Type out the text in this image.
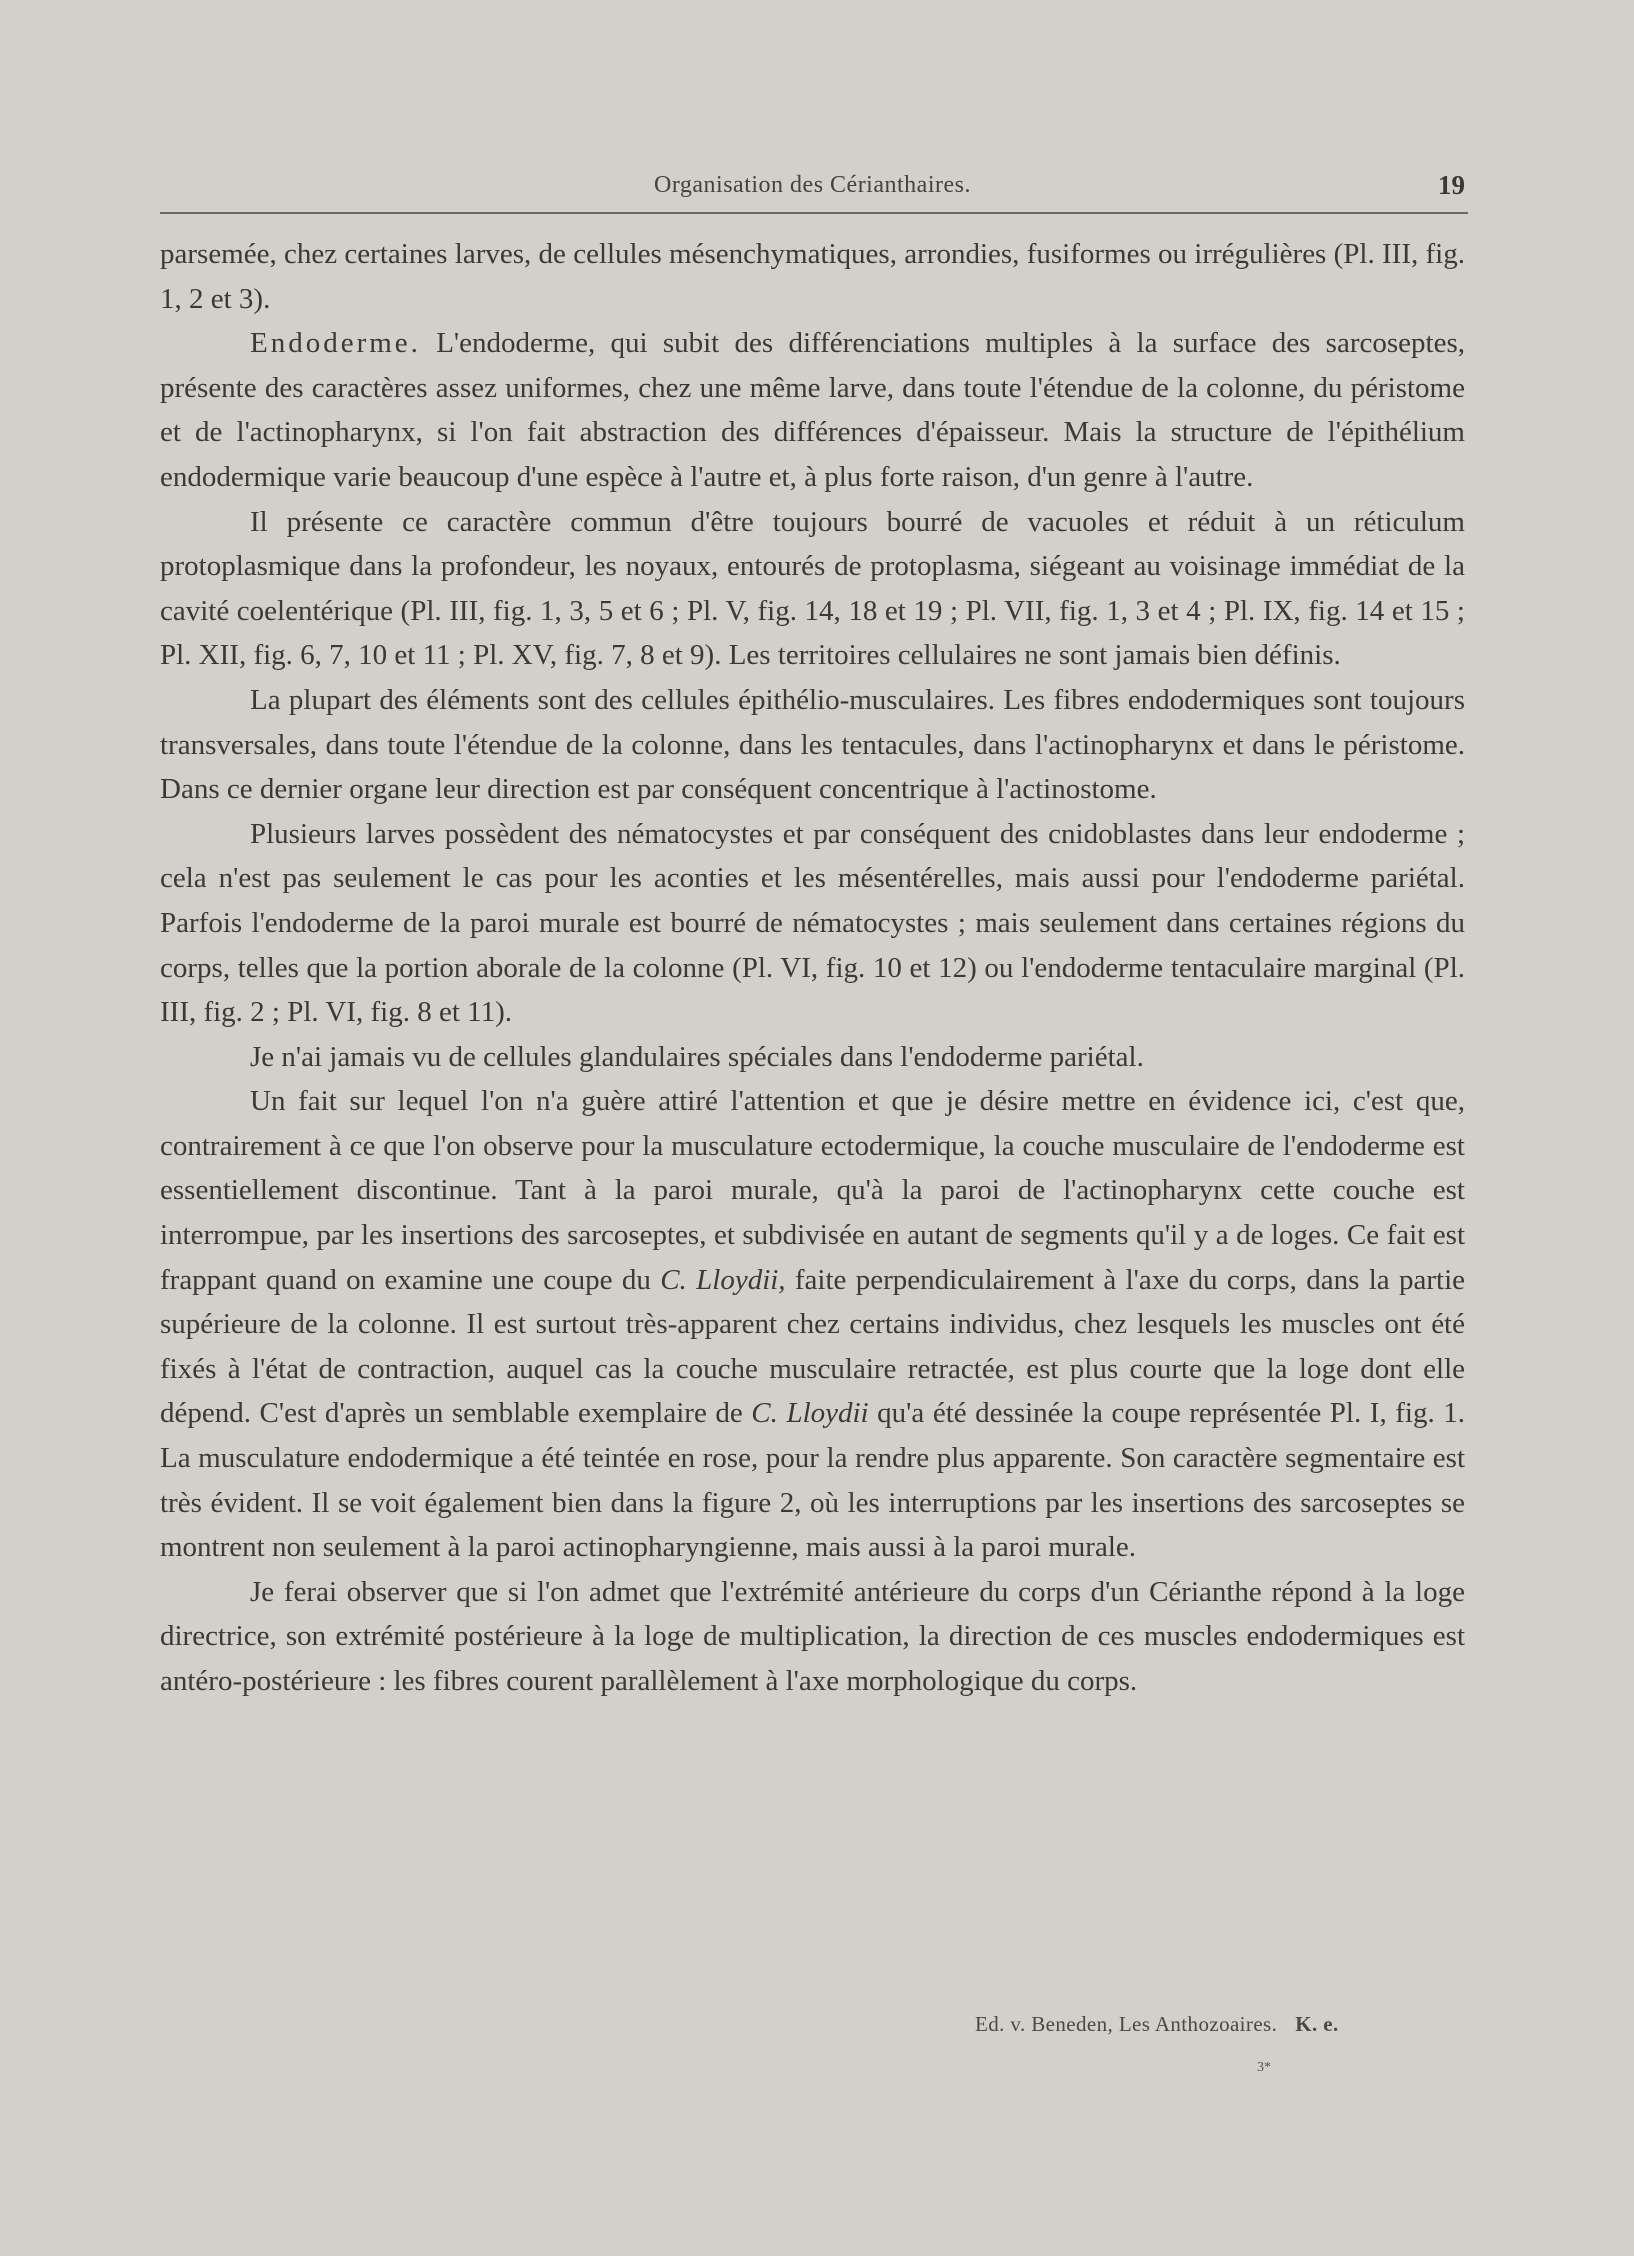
Organisation des Cérianthaires.	19

parsemée, chez certaines larves, de cellules mésenchymatiques, arrondies, fusiformes ou irrégulières (Pl. III, fig. 1, 2 et 3).

Endoderme. L'endoderme, qui subit des différenciations multiples à la surface des sarcoseptes, présente des caractères assez uniformes, chez une même larve, dans toute l'étendue de la colonne, du péristome et de l'actinopharynx, si l'on fait abstraction des différences d'épaisseur. Mais la structure de l'épithélium endodermique varie beaucoup d'une espèce à l'autre et, à plus forte raison, d'un genre à l'autre.

Il présente ce caractère commun d'être toujours bourré de vacuoles et réduit à un réticulum protoplasmique dans la profondeur, les noyaux, entourés de protoplasma, siégeant au voisinage immédiat de la cavité coelentérique (Pl. III, fig. 1, 3, 5 et 6 ; Pl. V, fig. 14, 18 et 19 ; Pl. VII, fig. 1, 3 et 4 ; Pl. IX, fig. 14 et 15 ; Pl. XII, fig. 6, 7, 10 et 11 ; Pl. XV, fig. 7, 8 et 9). Les territoires cellulaires ne sont jamais bien définis.

La plupart des éléments sont des cellules épithélio-musculaires. Les fibres endodermiques sont toujours transversales, dans toute l'étendue de la colonne, dans les tentacules, dans l'actinopharynx et dans le péristome. Dans ce dernier organe leur direction est par conséquent concentrique à l'actinostome.

Plusieurs larves possèdent des nématocystes et par conséquent des cnidoblastes dans leur endoderme ; cela n'est pas seulement le cas pour les aconties et les mésentérelles, mais aussi pour l'endoderme pariétal. Parfois l'endoderme de la paroi murale est bourré de nématocystes ; mais seulement dans certaines régions du corps, telles que la portion aborale de la colonne (Pl. VI, fig. 10 et 12) ou l'endoderme tentaculaire marginal (Pl. III, fig. 2 ; Pl. VI, fig. 8 et 11).

Je n'ai jamais vu de cellules glandulaires spéciales dans l'endoderme pariétal.

Un fait sur lequel l'on n'a guère attiré l'attention et que je désire mettre en évidence ici, c'est que, contrairement à ce que l'on observe pour la musculature ectodermique, la couche musculaire de l'endoderme est essentiellement discontinue. Tant à la paroi murale, qu'à la paroi de l'actinopharynx cette couche est interrompue, par les insertions des sarcoseptes, et subdivisée en autant de segments qu'il y a de loges. Ce fait est frappant quand on examine une coupe du C. Lloydii, faite perpendiculairement à l'axe du corps, dans la partie supérieure de la colonne. Il est surtout très-apparent chez certains individus, chez lesquels les muscles ont été fixés à l'état de contraction, auquel cas la couche musculaire retractée, est plus courte que la loge dont elle dépend. C'est d'après un semblable exemplaire de C. Lloydii qu'a été dessinée la coupe représentée Pl. I, fig. 1. La musculature endodermique a été teintée en rose, pour la rendre plus apparente. Son caractère segmentaire est très évident. Il se voit également bien dans la figure 2, où les interruptions par les insertions des sarcoseptes se montrent non seulement à la paroi actinopharyngienne, mais aussi à la paroi murale.

Je ferai observer que si l'on admet que l'extrémité antérieure du corps d'un Cérianthe répond à la loge directrice, son extrémité postérieure à la loge de multiplication, la direction de ces muscles endodermiques est antéro-postérieure : les fibres courent parallèlement à l'axe morphologique du corps.

Ed. v. Beneden, Les Anthozoaires. K. e.
3*
